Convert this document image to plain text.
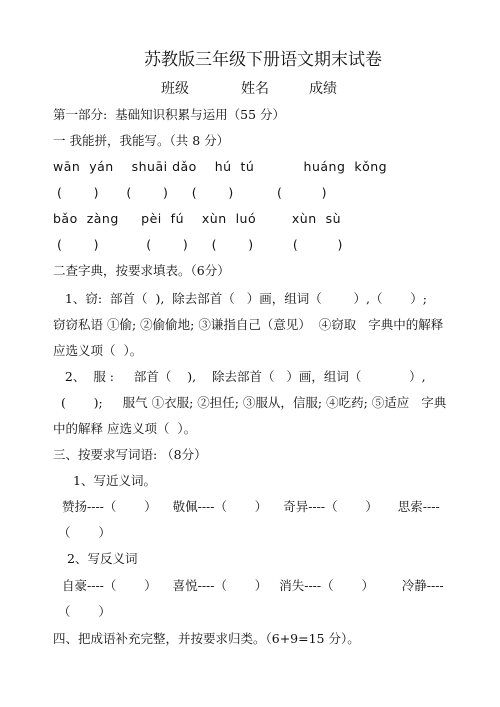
苏教版三年级下册语文期末试卷
班级	姓名	成绩
第一部分:  基础知识积累与运用（55 分）
一 我能拼，我能写。（共 8 分）
wān  yán    shuāi dǎo    hú  tú           huáng  kǒng
(        )       (        )      (        )           (          )
bǎo  zàng     pèi  fú    xùn  luó        xùn  sù
(        )            (        )      (        )          (          )
二查字典，按要求填表。（6分）
1、窃:  部首（  ),  除去部首（   ）画，组词（        ）,（       ）;
窃窃私语 ①偷; ②偷偷地; ③谦指自己（意见）  ④窃取   字典中的解释
应选义项（  ）。
2、  服 :     部首（    ),    除去部首（   ）画，组词（            ）,
(       );     服气 ①衣服; ②担任; ③服从，信服; ④吃药; ⑤适应   字典
中的解释 应选义项（  ）。
三、按要求写词语: （8分）
1、写近义词。
赞扬----（       ）    敬佩----（       ）    奇异----（       ）     思索----
（       ）
2、写反义词
自豪----（       ）    喜悦----（       ）   消失----（       ）       冷静----
（       ）
四、把成语补充完整，并按要求归类。（6+9=15 分）。
